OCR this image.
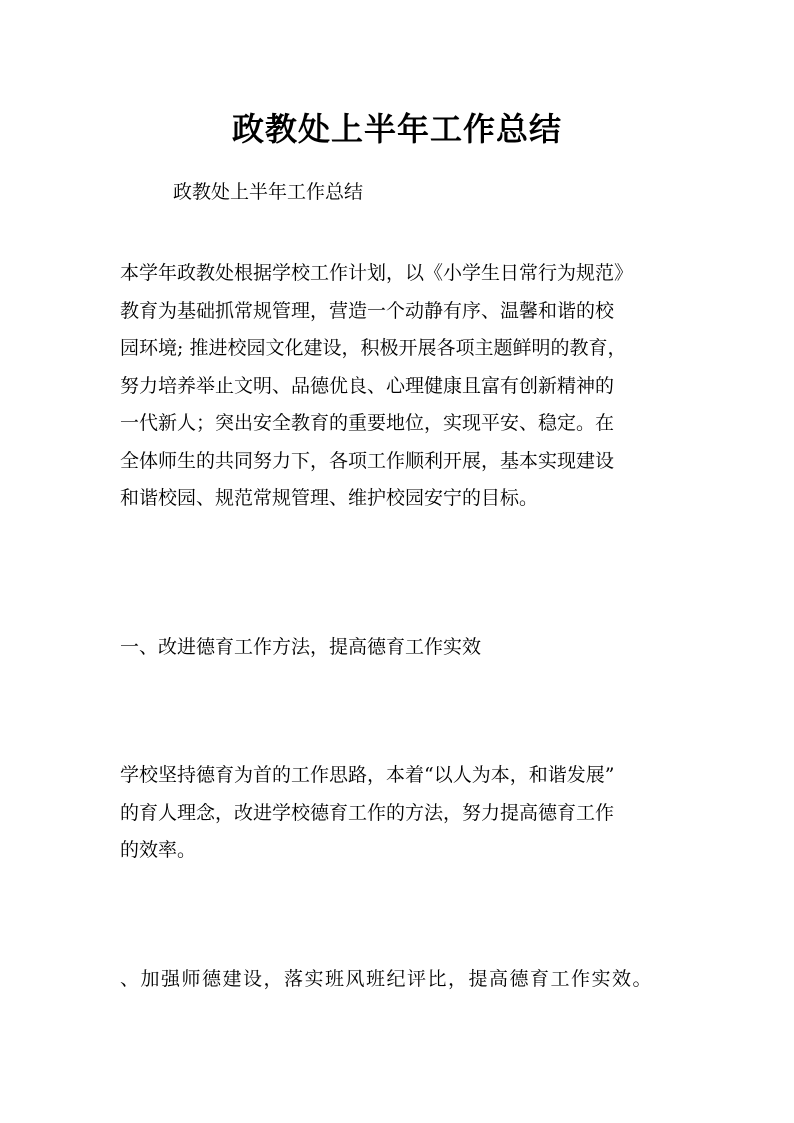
政教处上半年工作总结
政教处上半年工作总结
本学年政教处根据学校工作计划，以《小学生日常行为规范》
教育为基础抓常规管理，营造一个动静有序、温馨和谐的校
园环境; 推进校园文化建设，积极开展各项主题鲜明的教育，
努力培养举止文明、品德优良、心理健康且富有创新精神的
一代新人；突出安全教育的重要地位，实现平安、稳定。在
全体师生的共同努力下，各项工作顺利开展，基本实现建设
和谐校园、规范常规管理、维护校园安宁的目标。
一、改进德育工作方法，提高德育工作实效
学校坚持德育为首的工作思路，本着“以人为本，和谐发展”
的育人理念，改进学校德育工作的方法，努力提高德育工作
的效率。
、加强师德建设，落实班风班纪评比，提高德育工作实效。
